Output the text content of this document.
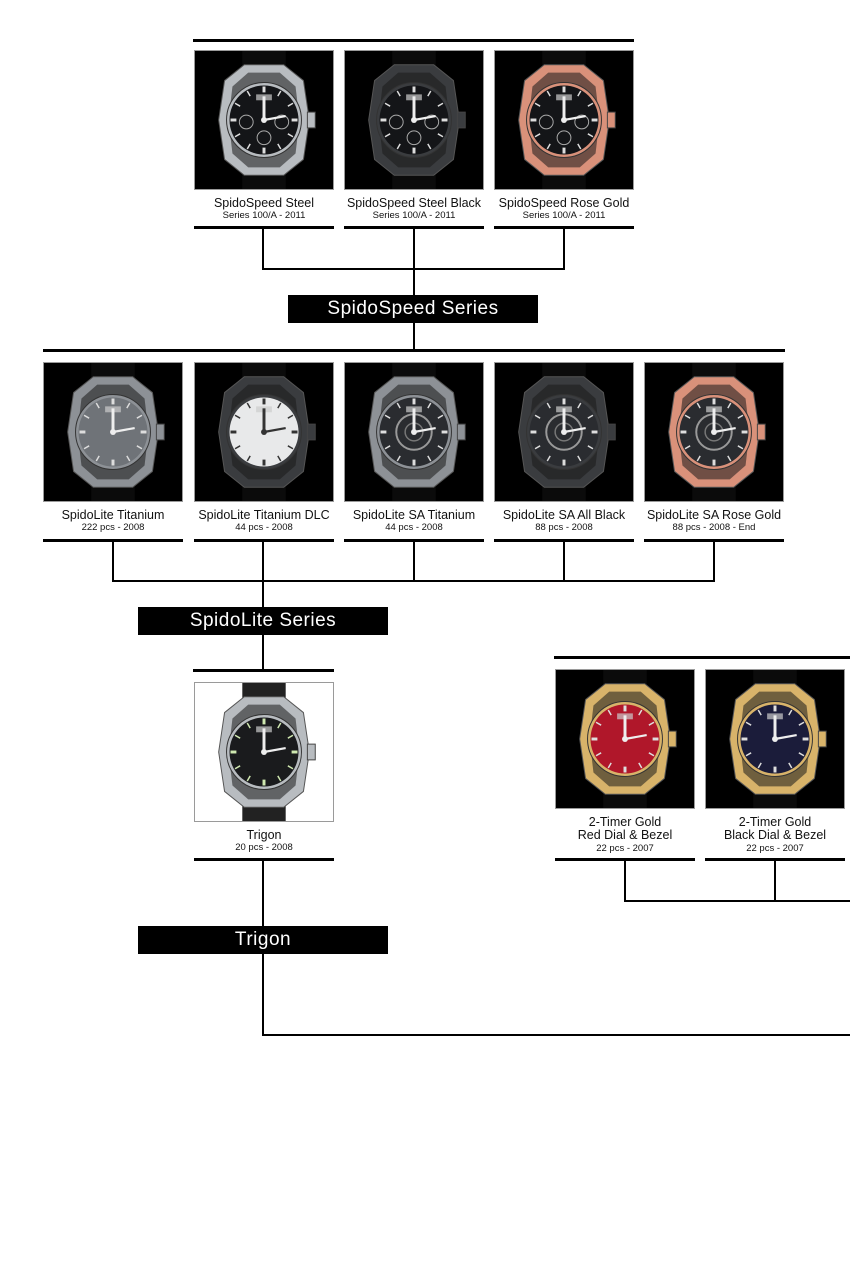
SpidoSpeed Series
SpidoLite Series
Trigon
SpidoSpeed Steel
Series 100/A - 2011
SpidoSpeed Steel Black
Series 100/A - 2011
SpidoSpeed Rose Gold
Series 100/A - 2011
SpidoLite Titanium
222 pcs - 2008
SpidoLite Titanium DLC
44 pcs - 2008
SpidoLite SA Titanium
44 pcs - 2008
SpidoLite SA All Black
88 pcs - 2008
SpidoLite SA Rose Gold
88 pcs - 2008 - End
Trigon
20 pcs - 2008
2-Timer Gold
Red Dial & Bezel
22 pcs - 2007
2-Timer Gold
Black Dial & Bezel
22 pcs - 2007
